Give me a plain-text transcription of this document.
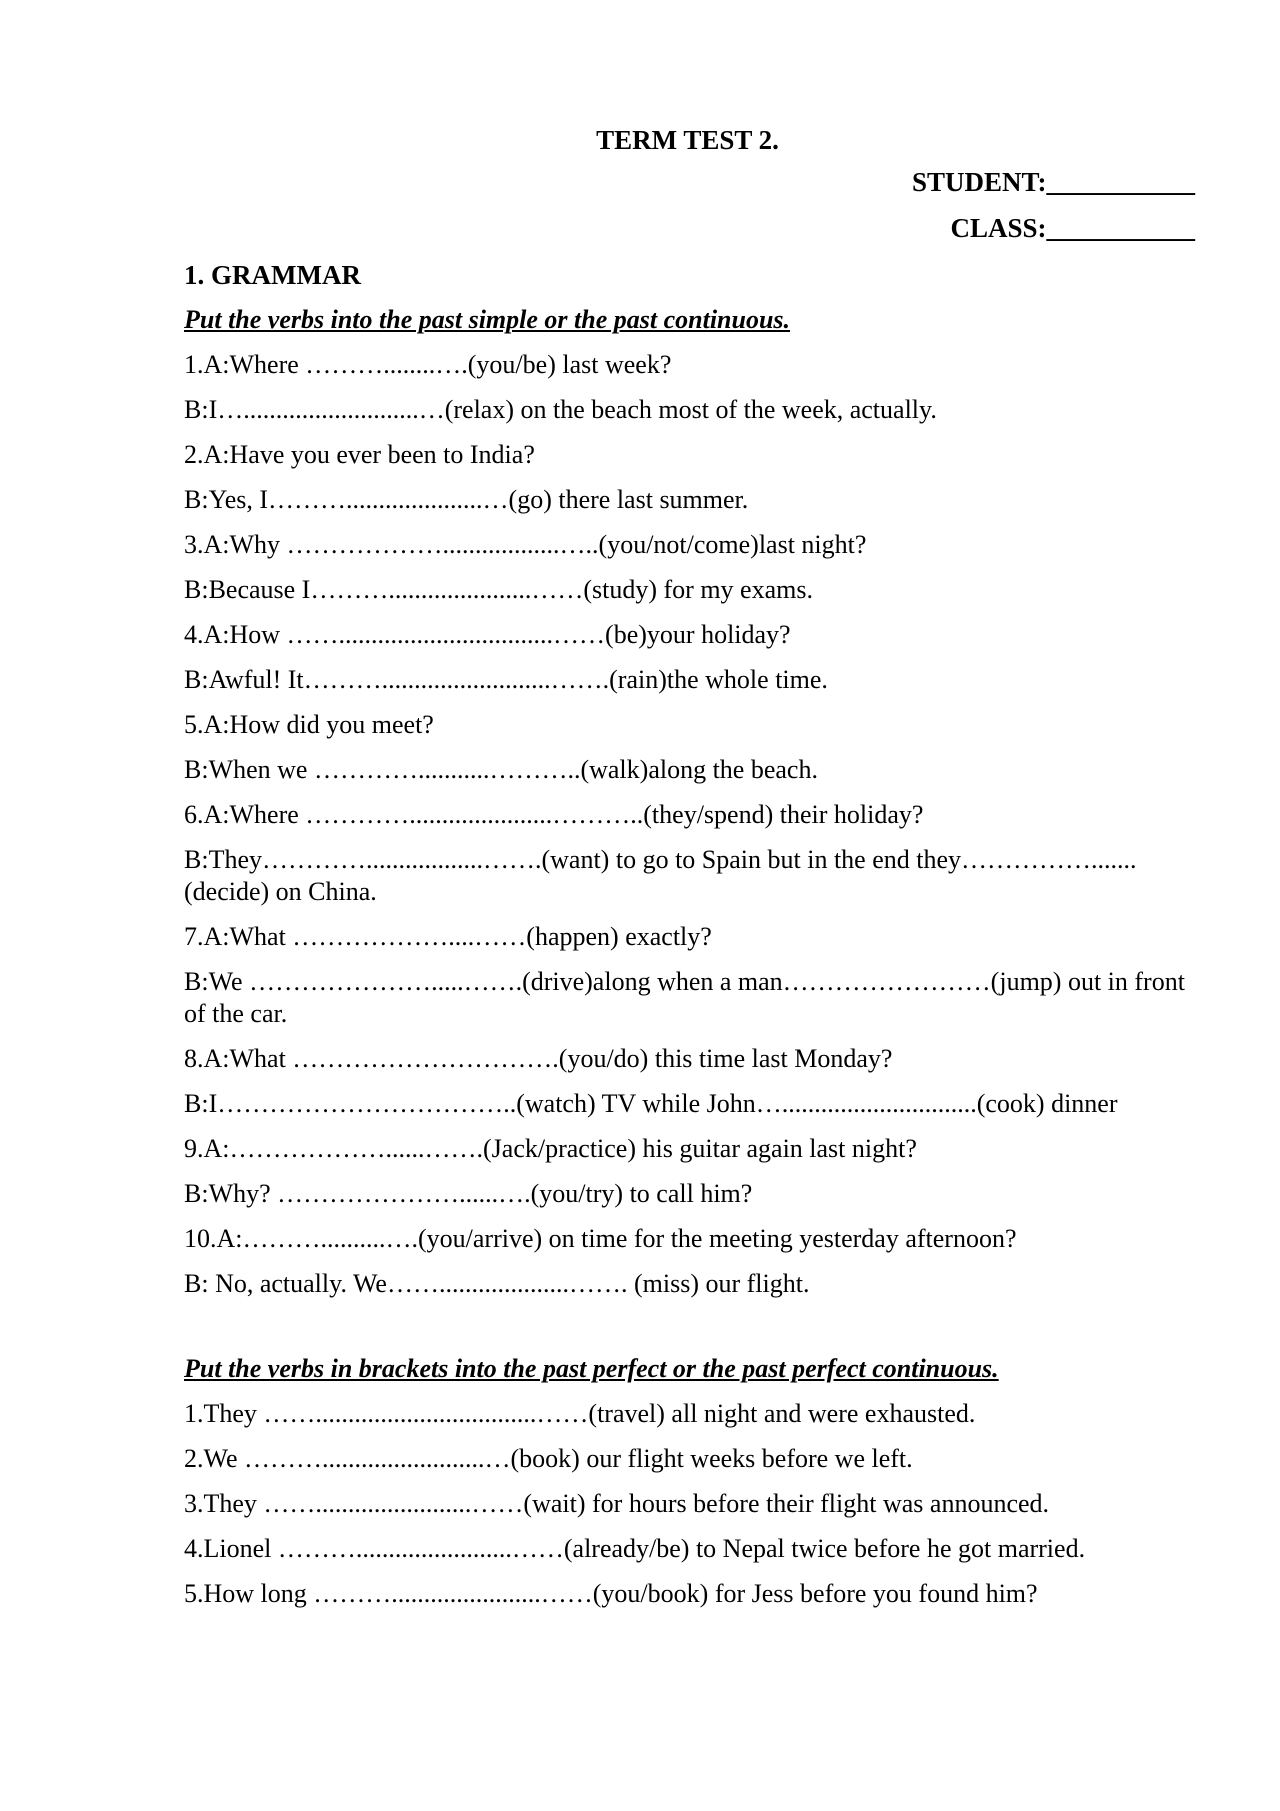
TERM TEST 2.
STUDENT:___________
CLASS:___________
1. GRAMMAR
Put the verbs into the past simple or the past continuous.
1.A:Where ………........….(you/be) last week?
B:I…...........................…(relax) on the beach most of the week, actually.
2.A:Have you ever been to India?
B:Yes, I……….....................…(go) there last summer.
3.A:Why ………………..................…..(you/not/come)last night?
B:Because I………......................……(study) for my exams.
4.A:How …….................................……(be)your holiday?
B:Awful! It………..........................…….(rain)the whole time.
5.A:How did you meet?
B:When we …………...........………..(walk)along the beach.
6.A:Where …………......................………..(they/spend) their holiday?
B:They…………..................…….(want) to go to Spain but in the end they…………….......(decide) on China.
7.A:What ………………....……(happen) exactly?
B:We ………………….....…….(drive)along when a man……………………(jump) out in front of the car.
8.A:What ………………………….(you/do) this time last Monday?
B:I……………………………..(watch) TV while John…..............................(cook) dinner
9.A:………………......…….(Jack/practice) his guitar again last night?
B:Why? …………………......….(you/try) to call him?
10.A:………..........….(you/arrive) on time for the meeting yesterday afternoon?
B: No, actually. We……....................……. (miss) our flight.
Put the verbs in brackets into the past perfect or the past perfect continuous.
1.They ……..................................……(travel) all night and were exhausted.
2.We ……….........................…(book) our flight weeks before we left.
3.They ……........................……(wait) for hours before their flight was announced.
4.Lionel ………........................……(already/be) to Nepal twice before he got married.
5.How long ……….......................……(you/book) for Jess before you found him?
